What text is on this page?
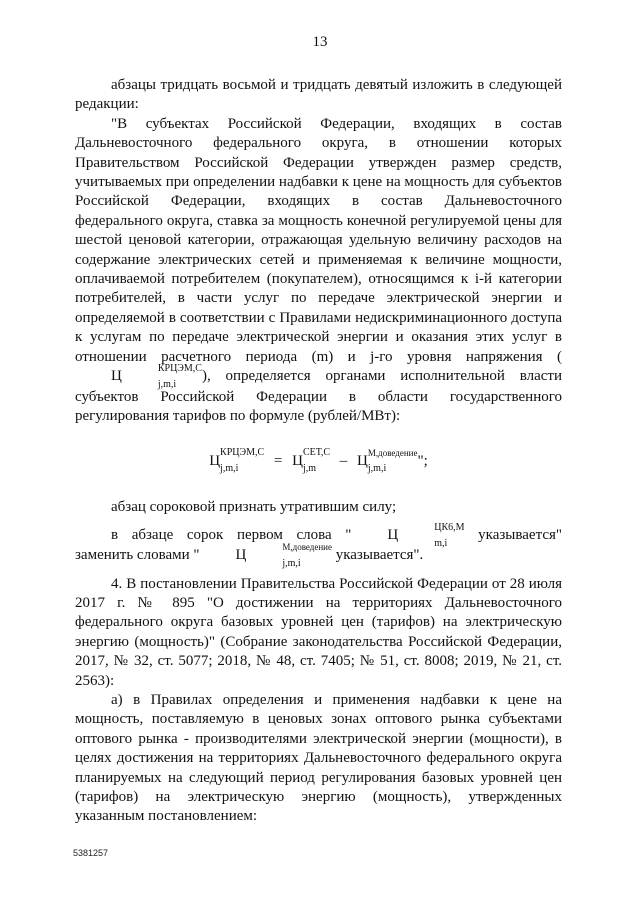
13

абзацы тридцать восьмой и тридцать девятый изложить в следующей редакции:

"В субъектах Российской Федерации, входящих в состав Дальневосточного федерального округа, в отношении которых Правительством Российской Федерации утвержден размер средств, учитываемых при определении надбавки к цене на мощность для субъектов Российской Федерации, входящих в состав Дальневосточного федерального округа, ставка за мощность конечной регулируемой цены для шестой ценовой категории, отражающая удельную величину расходов на содержание электрических сетей и применяемая к величине мощности, оплачиваемой потребителем (покупателем), относящимся к i-й категории потребителей, в части услуг по передаче электрической энергии и определяемой в соответствии с Правилами недискриминационного доступа к услугам по передаче электрической энергии и оказания этих услуг в отношении расчетного периода (m) и j-го уровня напряжения (Ц	КРЦЭМ,С
j,m,i
), определяется органами исполнительной власти субъектов Российской Федерации в области государственного регулирования тарифов по формуле (рублей/МВт):

Ц
КРЦЭМ,С
j,m,i = Ц
СЕТ,С
j,m – Ц М,доведение
j,m,i ";

абзац сороковой признать утратившим силу;

в абзаце сорок первом слова " Ц	ЦК6,М
m,i
указывается" заменить словами " Ц	М,доведение
j,m,i
указывается".

4. В постановлении Правительства Российской Федерации от 28 июля 2017 г. № 895 "О достижении на территориях Дальневосточного федерального округа базовых уровней цен (тарифов) на электрическую энергию (мощность)" (Собрание законодательства Российской Федерации, 2017, № 32, ст. 5077; 2018, № 48, ст. 7405; № 51, ст. 8008; 2019, № 21, ст. 2563):

а) в Правилах определения и применения надбавки к цене на мощность, поставляемую в ценовых зонах оптового рынка субъектами оптового рынка - производителями электрической энергии (мощности), в целях достижения на территориях Дальневосточного федерального округа планируемых на следующий период регулирования базовых уровней цен (тарифов) на электрическую энергию (мощность), утвержденных указанным постановлением:

5381257
